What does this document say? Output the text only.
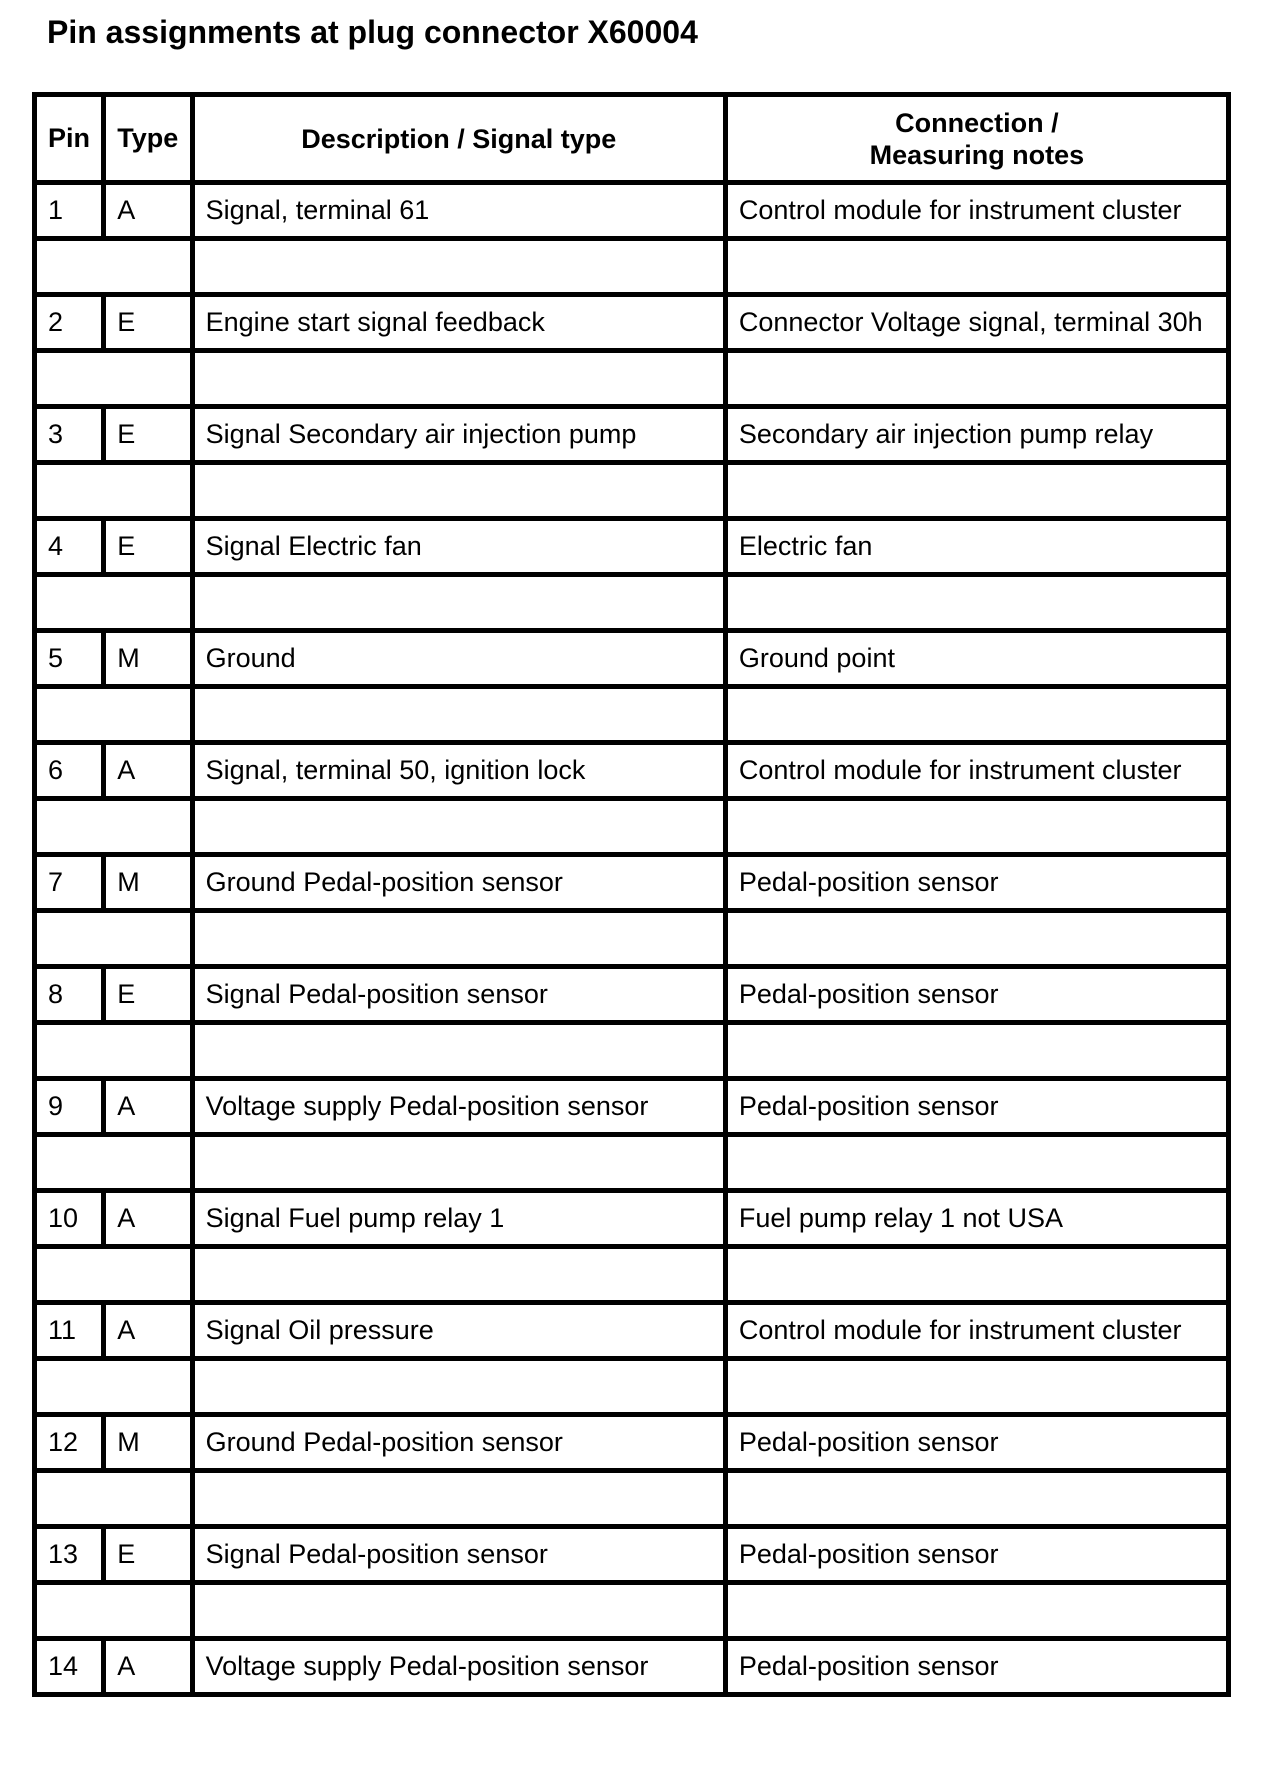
Pin assignments at plug connector X60004
Pin	Type	Description / Signal type	Connection /
Measuring notes
1	A	Signal, terminal 61	Control module for instrument cluster

2	E	Engine start signal feedback	Connector Voltage signal, terminal 30h

3	E	Signal Secondary air injection pump	Secondary air injection pump relay

4	E	Signal Electric fan	Electric fan

5	M	Ground	Ground point

6	A	Signal, terminal 50, ignition lock	Control module for instrument cluster

7	M	Ground Pedal-position sensor	Pedal-position sensor

8	E	Signal Pedal-position sensor	Pedal-position sensor

9	A	Voltage supply Pedal-position sensor	Pedal-position sensor

10	A	Signal Fuel pump relay 1	Fuel pump relay 1 not USA

11	A	Signal Oil pressure	Control module for instrument cluster

12	M	Ground Pedal-position sensor	Pedal-position sensor

13	E	Signal Pedal-position sensor	Pedal-position sensor

14	A	Voltage supply Pedal-position sensor	Pedal-position sensor
